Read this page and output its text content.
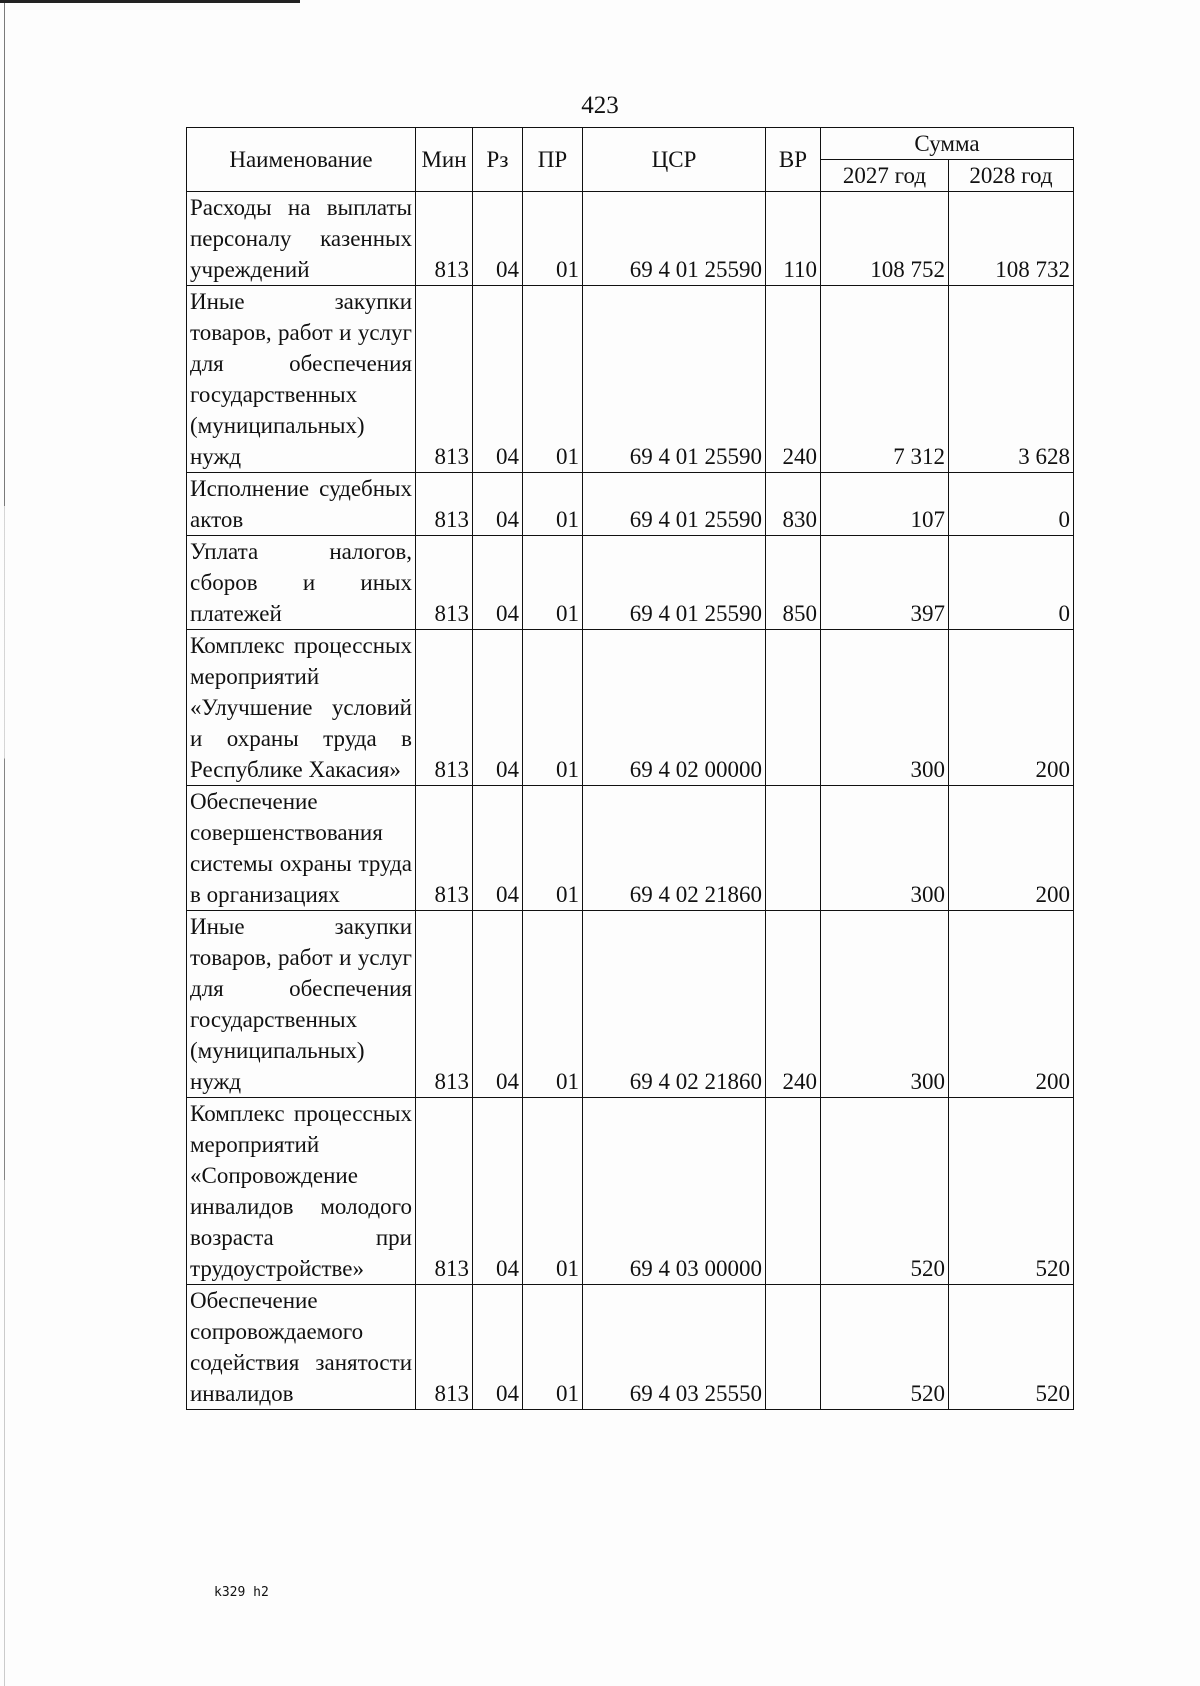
423
Наименование	Мин	Рз	ПР	ЦСР	ВР	Сумма	
						2027 год	2028 год
Расходы на выплаты персоналу казенных учреждений	813	04	01	69 4 01 25590	110	108 752	108 732
Иные закупки товаров, работ и услуг для обеспечения государственных (муниципальных) нужд	813	04	01	69 4 01 25590	240	7 312	3 628
Исполнение судебных актов	813	04	01	69 4 01 25590	830	107	0
Уплата налогов, сборов и иных платежей	813	04	01	69 4 01 25590	850	397	0
Комплекс процессных мероприятий «Улучшение условий и охраны труда в Республике Хакасия»	813	04	01	69 4 02 00000		300	200
Обеспечение совершенствования системы охраны труда в организациях	813	04	01	69 4 02 21860		300	200
Иные закупки товаров, работ и услуг для обеспечения государственных (муниципальных) нужд	813	04	01	69 4 02 21860	240	300	200
Комплекс процессных мероприятий «Сопровождение инвалидов молодого возраста при трудоустройстве»	813	04	01	69 4 03 00000		520	520
Обеспечение сопровождаемого содействия занятости инвалидов	813	04	01	69 4 03 25550		520	520
k329 h2
